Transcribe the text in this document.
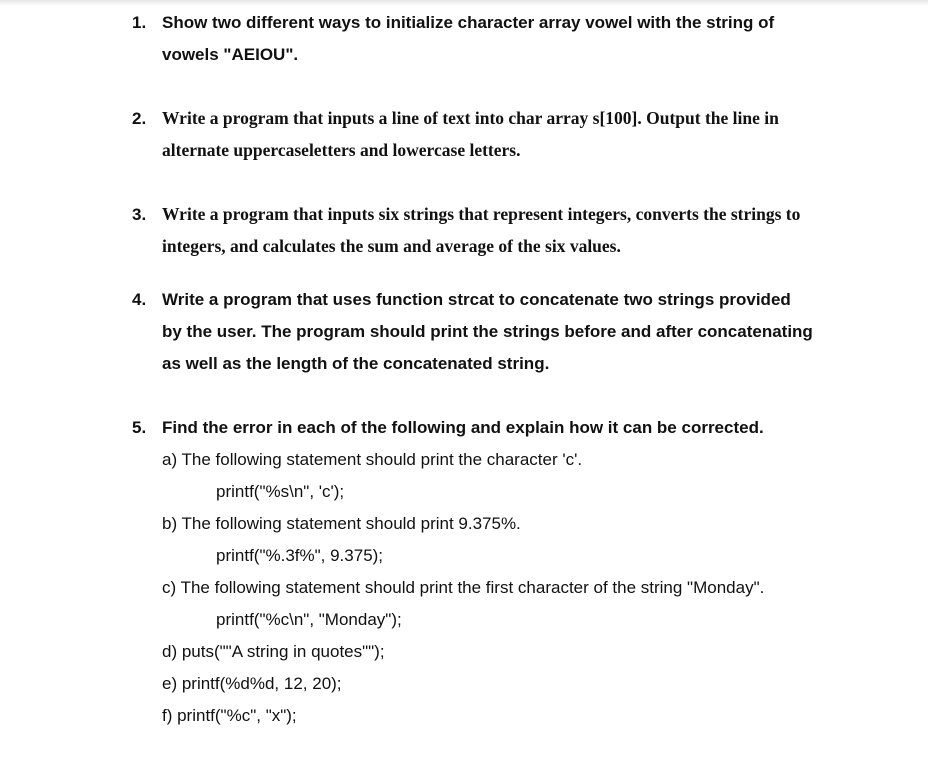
1. Show two different ways to initialize character array vowel with the string of
vowels "AEIOU".
2. Write a program that inputs a line of text into char array s[100]. Output the line in
alternate uppercaseletters and lowercase letters.
3. Write a program that inputs six strings that represent integers, converts the strings to
integers, and calculates the sum and average of the six values.
4. Write a program that uses function strcat to concatenate two strings provided
by the user. The program should print the strings before and after concatenating
as well as the length of the concatenated string.
5. Find the error in each of the following and explain how it can be corrected.
a) The following statement should print the character 'c'.
printf("%s\n", 'c');
b) The following statement should print 9.375%.
printf("%.3f%", 9.375);
c) The following statement should print the first character of the string "Monday".
printf("%c\n", "Monday");
d) puts(""A string in quotes"");
e) printf(%d%d, 12, 20);
f) printf("%c", "x");
